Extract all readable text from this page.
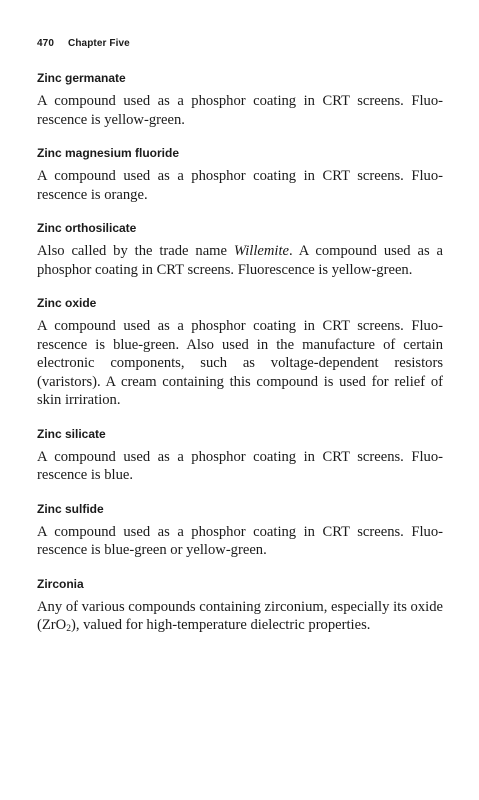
470 Chapter Five
Zinc germanate

A compound used as a phosphor coating in CRT screens. Fluorescence is yellow-green.

Zinc magnesium fluoride

A compound used as a phosphor coating in CRT screens. Fluorescence is orange.

Zinc orthosilicate

Also called by the trade name Willemite. A compound used as a phosphor coating in CRT screens. Fluorescence is yellow-green.

Zinc oxide

A compound used as a phosphor coating in CRT screens. Fluorescence is blue-green. Also used in the manufacture of certain electronic components, such as voltage-dependent resistors (varistors). A cream containing this compound is used for relief of skin irriration.

Zinc silicate

A compound used as a phosphor coating in CRT screens. Fluorescence is blue.

Zinc sulfide

A compound used as a phosphor coating in CRT screens. Fluorescence is blue-green or yellow-green.

Zirconia

Any of various compounds containing zirconium, especially its oxide (ZrO$_2$), valued for high-temperature dielectric properties.
